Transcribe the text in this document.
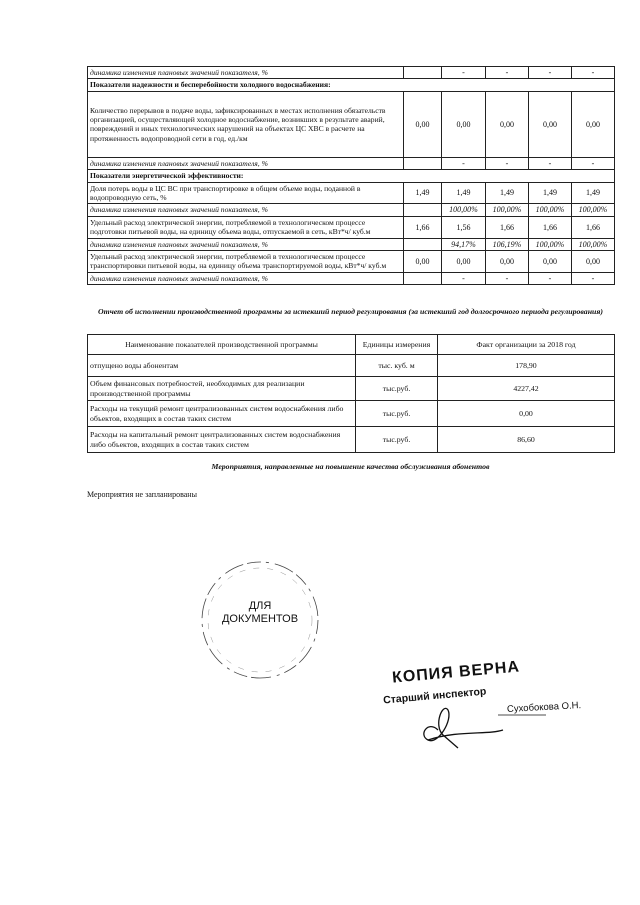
динамика изменения плановых значений показателя, %		-	-	-	-
Показатели надежности и бесперебойности холодного водоснабжения:					
Количество перерывов в подаче воды, зафиксированных в местах исполнения обязательств организацией, осуществляющей холодное водоснабжение, возникших в результате аварий, повреждений и иных технологических нарушений на объектах ЦС ХВС в расчете на протяженность водопроводной сети в год, ед./км	0,00	0,00	0,00	0,00	0,00
динамика изменения плановых значений показателя, %		-	-	-	-
Показатели энергетической эффективности:					
Доля потерь воды в ЦС ВС при транспортировке в общем объеме воды, поданной в водопроводную сеть, %	1,49	1,49	1,49	1,49	1,49
динамика изменения плановых значений показателя, %		100,00%	100,00%	100,00%	100,00%
Удельный расход электрической энергии, потребляемой в технологическом процессе подготовки питьевой воды, на единицу объема воды, отпускаемой в сеть, кВт*ч/ куб.м	1,66	1,56	1,66	1,66	1,66
динамика изменения плановых значений показателя, %		94,17%	106,19%	100,00%	100,00%
Удельный расход электрической энергии, потребляемой в технологическом процессе транспортировки питьевой воды, на единицу объема транспортируемой воды, кВт*ч/ куб.м	0,00	0,00	0,00	0,00	0,00
динамика изменения плановых значений показателя, %		-	-	-	-
Отчет об исполнении производственной программы за истекший период регулирования (за истекший год долгосрочного периода регулирования)
Наименование показателей производственной программы	Единицы измерения	Факт организации за 2018 год
отпущено воды абонентам	тыс. куб. м	178,90
Объем финансовых потребностей, необходимых для реализации производственной программы	тыс.руб.	4227,42
Расходы на текущий ремонт централизованных систем водоснабжения либо объектов, входящих в состав таких систем	тыс.руб.	0,00
Расходы на капитальный ремонт централизованных систем водоснабжения либо объектов, входящих в состав таких систем	тыс.руб.	86,60
Мероприятия, направленные на повышение качества обслуживания абонентов
Мероприятия не запланированы
ДЛЯ
ДОКУМЕНТОВ
КОПИЯ ВЕРНА
Старший инспектор
Сухобокова О.Н.
